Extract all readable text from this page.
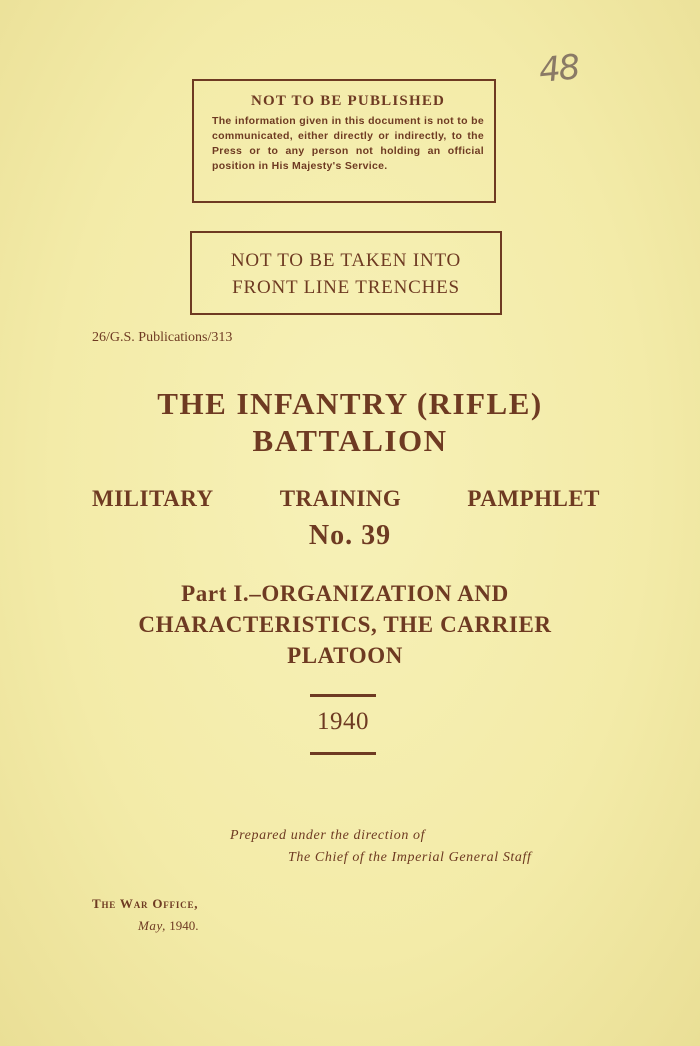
48
NOT TO BE PUBLISHED
The information given in this document is not to be communicated, either directly or indirectly, to the Press or to any person not holding an official position in His Majesty's Service.
NOT TO BE TAKEN INTO
FRONT LINE TRENCHES
26/G.S. Publications/313
THE INFANTRY (RIFLE)
BATTALION
MILITARY	TRAINING	PAMPHLET
No. 39
Part I.–ORGANIZATION AND
CHARACTERISTICS, THE CARRIER
PLATOON
1940
Prepared under the direction of
The Chief of the Imperial General Staff
The War Office,
May, 1940.
